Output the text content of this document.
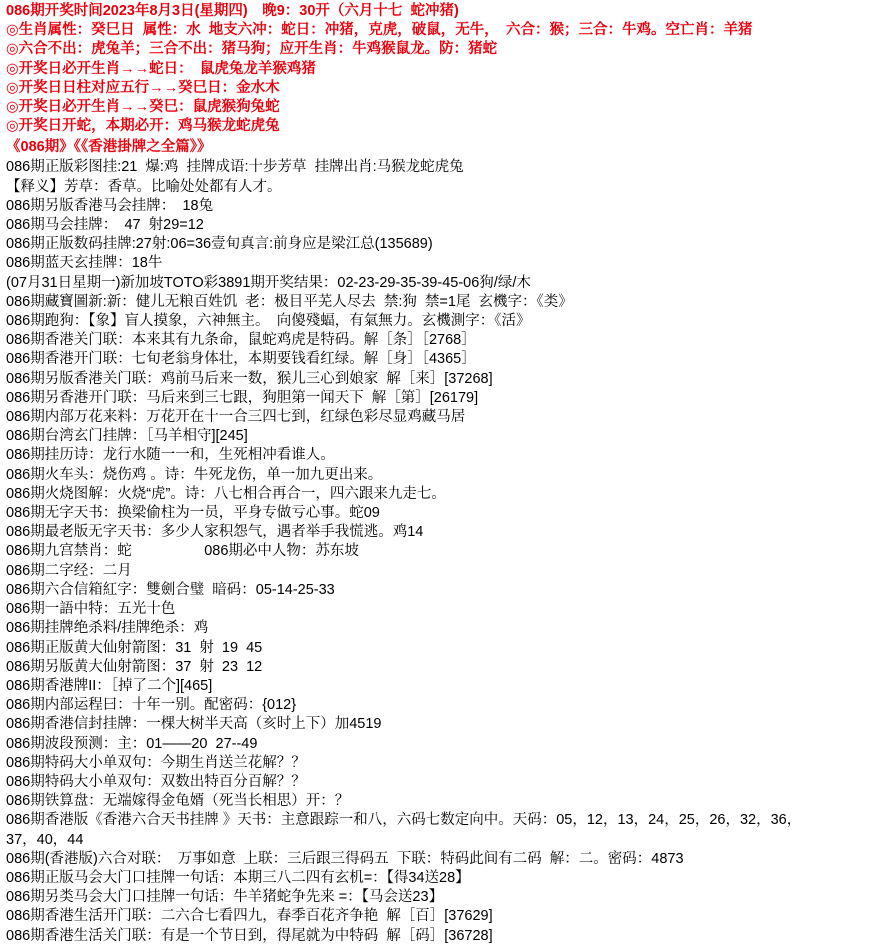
086期开奖时间2023年8月3日(星期四)　晚9：30开（六月十七  蛇冲猪)
◎生肖属性：癸巳日  属性：水  地支六冲：蛇日：冲猪，克虎，破鼠，无牛，　六合：猴；三合：牛鸡。空亡肖：羊猪
◎六合不出：虎兔羊；三合不出：猪马狗；应开生肖：牛鸡猴鼠龙。防：猪蛇
◎开奖日必开生肖→→蛇日：　鼠虎兔龙羊猴鸡猪
◎开奖日日柱对应五行→→癸巳日：金水木
◎开奖日必开生肖→→癸巳：鼠虎猴狗兔蛇
◎开奖日开蛇，本期必开：鸡马猴龙蛇虎兔
《086期》《《香港掛牌之全篇》》
086期正版彩图挂:21  爆:鸡  挂牌成语:十步芳草  挂牌出肖:马猴龙蛇虎兔
【释义】芳草：香草。比喻处处都有人才。
086期另版香港马会挂牌：　18兔
086期马会挂牌：　47  射29=12
086期正版数码挂牌:27射:06=36壹旬真言:前身应是梁江总(135689)
086期蓝天玄挂牌：18牛
(07月31日星期一)新加坡TOTO彩3891期开奖结果：02-23-29-35-39-45-06狗/绿/木
086期藏寶圖新:新：健儿无粮百姓饥  老：极目平芜人尽去  禁:狗  禁=1尾  玄機字：《类》
086期跑狗：【象】盲人摸象，六神無主。　向傻殘蝠，有氣無力。玄機測字：《活》
086期香港关门联：本来其有九条命，鼠蛇鸡虎是特码。解［条］［2768］
086期香港开门联：七旬老翁身体壮，本期要钱看红绿。解［身］［4365］
086期另版香港关门联：鸡前马后来一数，猴儿三心到娘家  解［来］[37268]
086期另香港开门联：马后来到三七跟，狗胆第一闻天下  解［第］[26179]
086期内部万花来料：万花开在十一合三四七到，红绿色彩尽显鸡藏马居
086期台湾玄门挂牌：［马羊相守][245]
086期挂历诗：龙行水随一一和，生死相冲看谁人。
086期火车头：烧伤鸡 。诗：牛死龙伤，单一加九更出来。
086期火烧图解：火烧“虎”。诗：八七相合再合一，四六跟来九走七。
086期无字天书：换梁偷柱为一员，平身专做亏心事。蛇09
086期最老版无字天书：多少人家积怨气，遇者举手我慌逃。鸡14
086期九宫禁肖：蛇　　　　　086期必中人物：苏东坡
086期二字经：二月
086期六合信箱紅字：雙劍合璧  暗码：05-14-25-33
086期一語中特：五光十色
086期挂牌绝杀料/挂牌绝杀：鸡
086期正版黄大仙射箭图：31  射  19  45
086期另版黄大仙射箭图：37  射  23  12
086期香港牌II：［掉了二个][465]
086期内部运程曰：十年一别。配密码：{012}
086期香港信封挂牌：一棵大树半天高（亥时上下）加4519
086期波段预测：主：01——20  27--49
086期特码大小单双句：今期生肖送兰花解？？
086期特码大小单双句：双数出特百分百解？？
086期铁算盘：无端嫁得金龟婿（死当长相思）开：？
086期香港版《香港六合天书挂牌 》天书：主意跟踪一和八，六码七数定向中。天码：05，12，13，24，25，26，32，36，
37，40，44
086期(香港版)六合对联：　万事如意  上联：三后跟三得码五  下联：特码此间有二码  解：二。密码：4873
086期正版马会大门口挂牌一句话：本期三八二四有玄机=：【得34送28】
086期另类马会大门口挂牌一句话：牛羊猪蛇争先来 =：【马会送23】
086期香港生活开门联：二六合七看四九，春季百花齐争艳  解［百］[37629]
086期香港生活关门联：有是一个节日到，得尾就为中特码  解［码］[36728]
